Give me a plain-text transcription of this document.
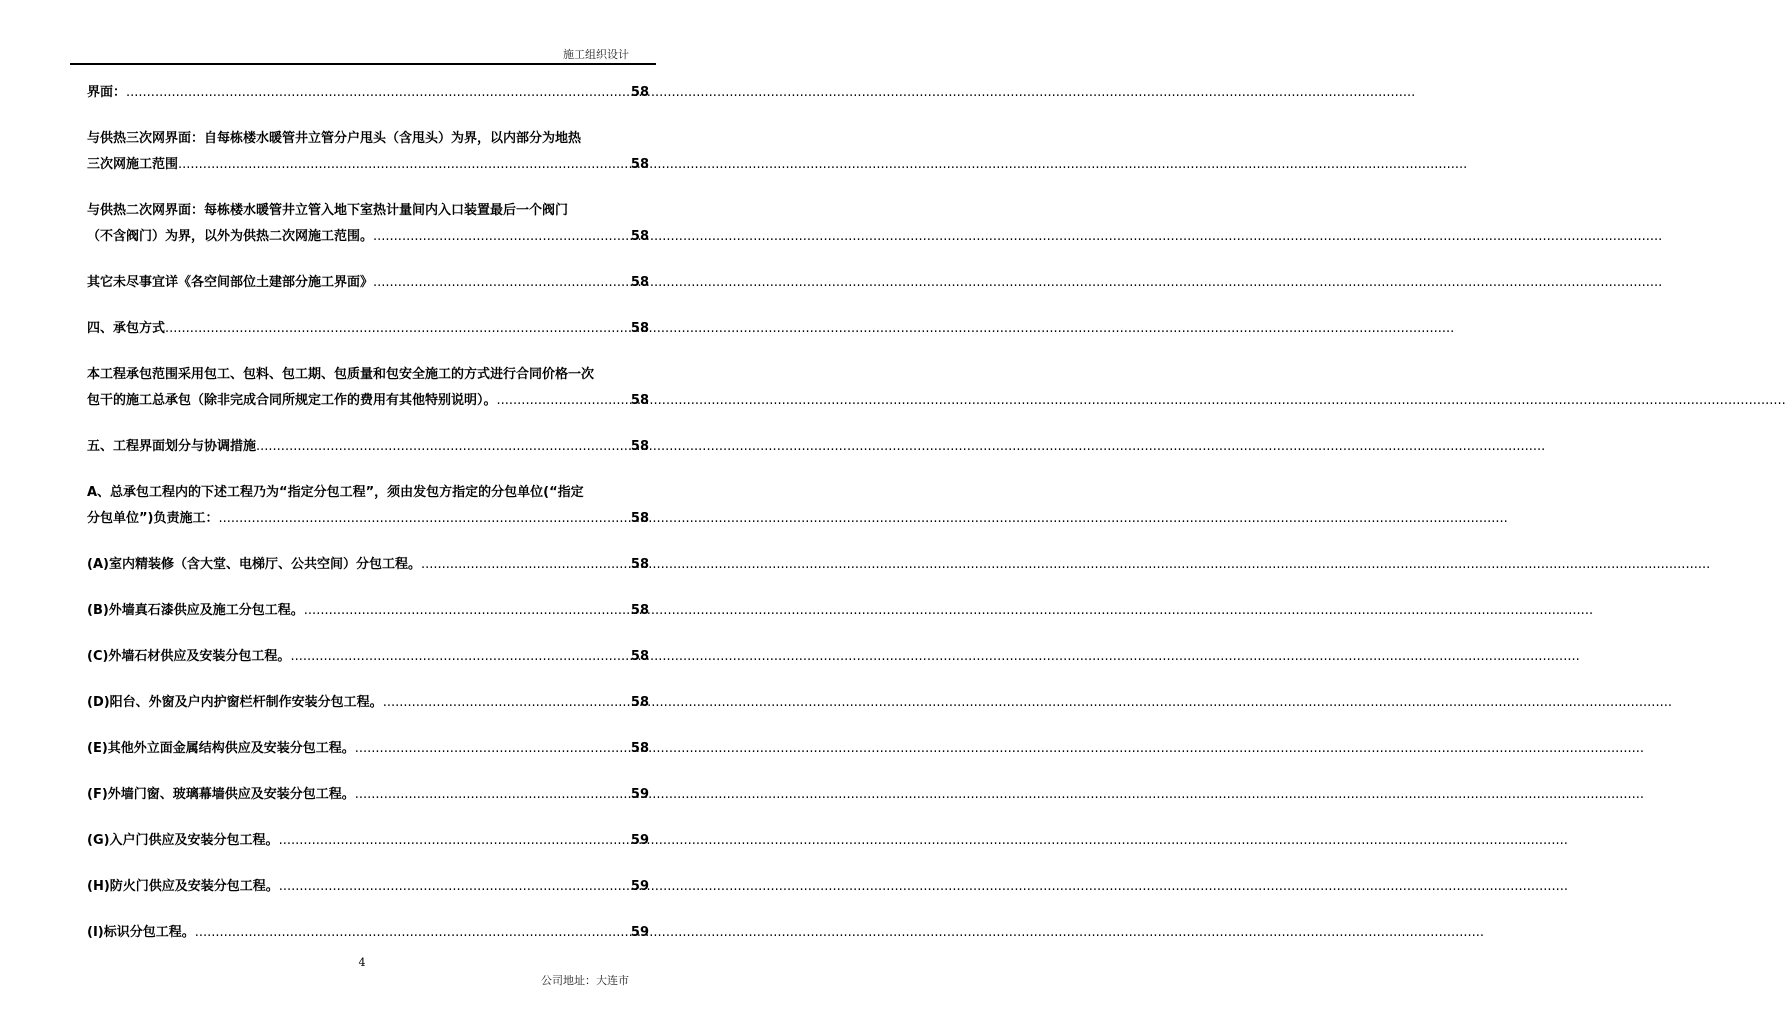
施工组织设计
界面： .....	58
与供热三次网界面：自每栋楼水暖管井立管分户甩头（含甩头）为界，以内部分为地热
三次网施工范围 .....	58
与供热二次网界面：每栋楼水暖管井立管入地下室热计量间内入口装置最后一个阀门
（不含阀门）为界，以外为供热二次网施工范围。 .....	58
其它未尽事宜详《各空间部位土建部分施工界面》 .....	58
四、承包方式 .....	58
本工程承包范围采用包工、包料、包工期、包质量和包安全施工的方式进行合同价格一次
包干的施工总承包（除非完成合同所规定工作的费用有其他特别说明）。 .....	58
五、工程界面划分与协调措施 .....	58
A、总承包工程内的下述工程乃为“指定分包工程”，须由发包方指定的分包单位(“指定
分包单位”)负责施工： .....	58
(A)室内精装修（含大堂、电梯厅、公共空间）分包工程。 .....	58
(B)外墙真石漆供应及施工分包工程。 .....	58
(C)外墙石材供应及安装分包工程。 .....	58
(D)阳台、外窗及户内护窗栏杆制作安装分包工程。 .....	58
(E)其他外立面金属结构供应及安装分包工程。 .....	58
(F)外墙门窗、玻璃幕墙供应及安装分包工程。 .....	59
(G)入户门供应及安装分包工程。 .....	59
(H)防火门供应及安装分包工程。 .....	59
(I)标识分包工程。 .....	59
4
公司地址：大连市
